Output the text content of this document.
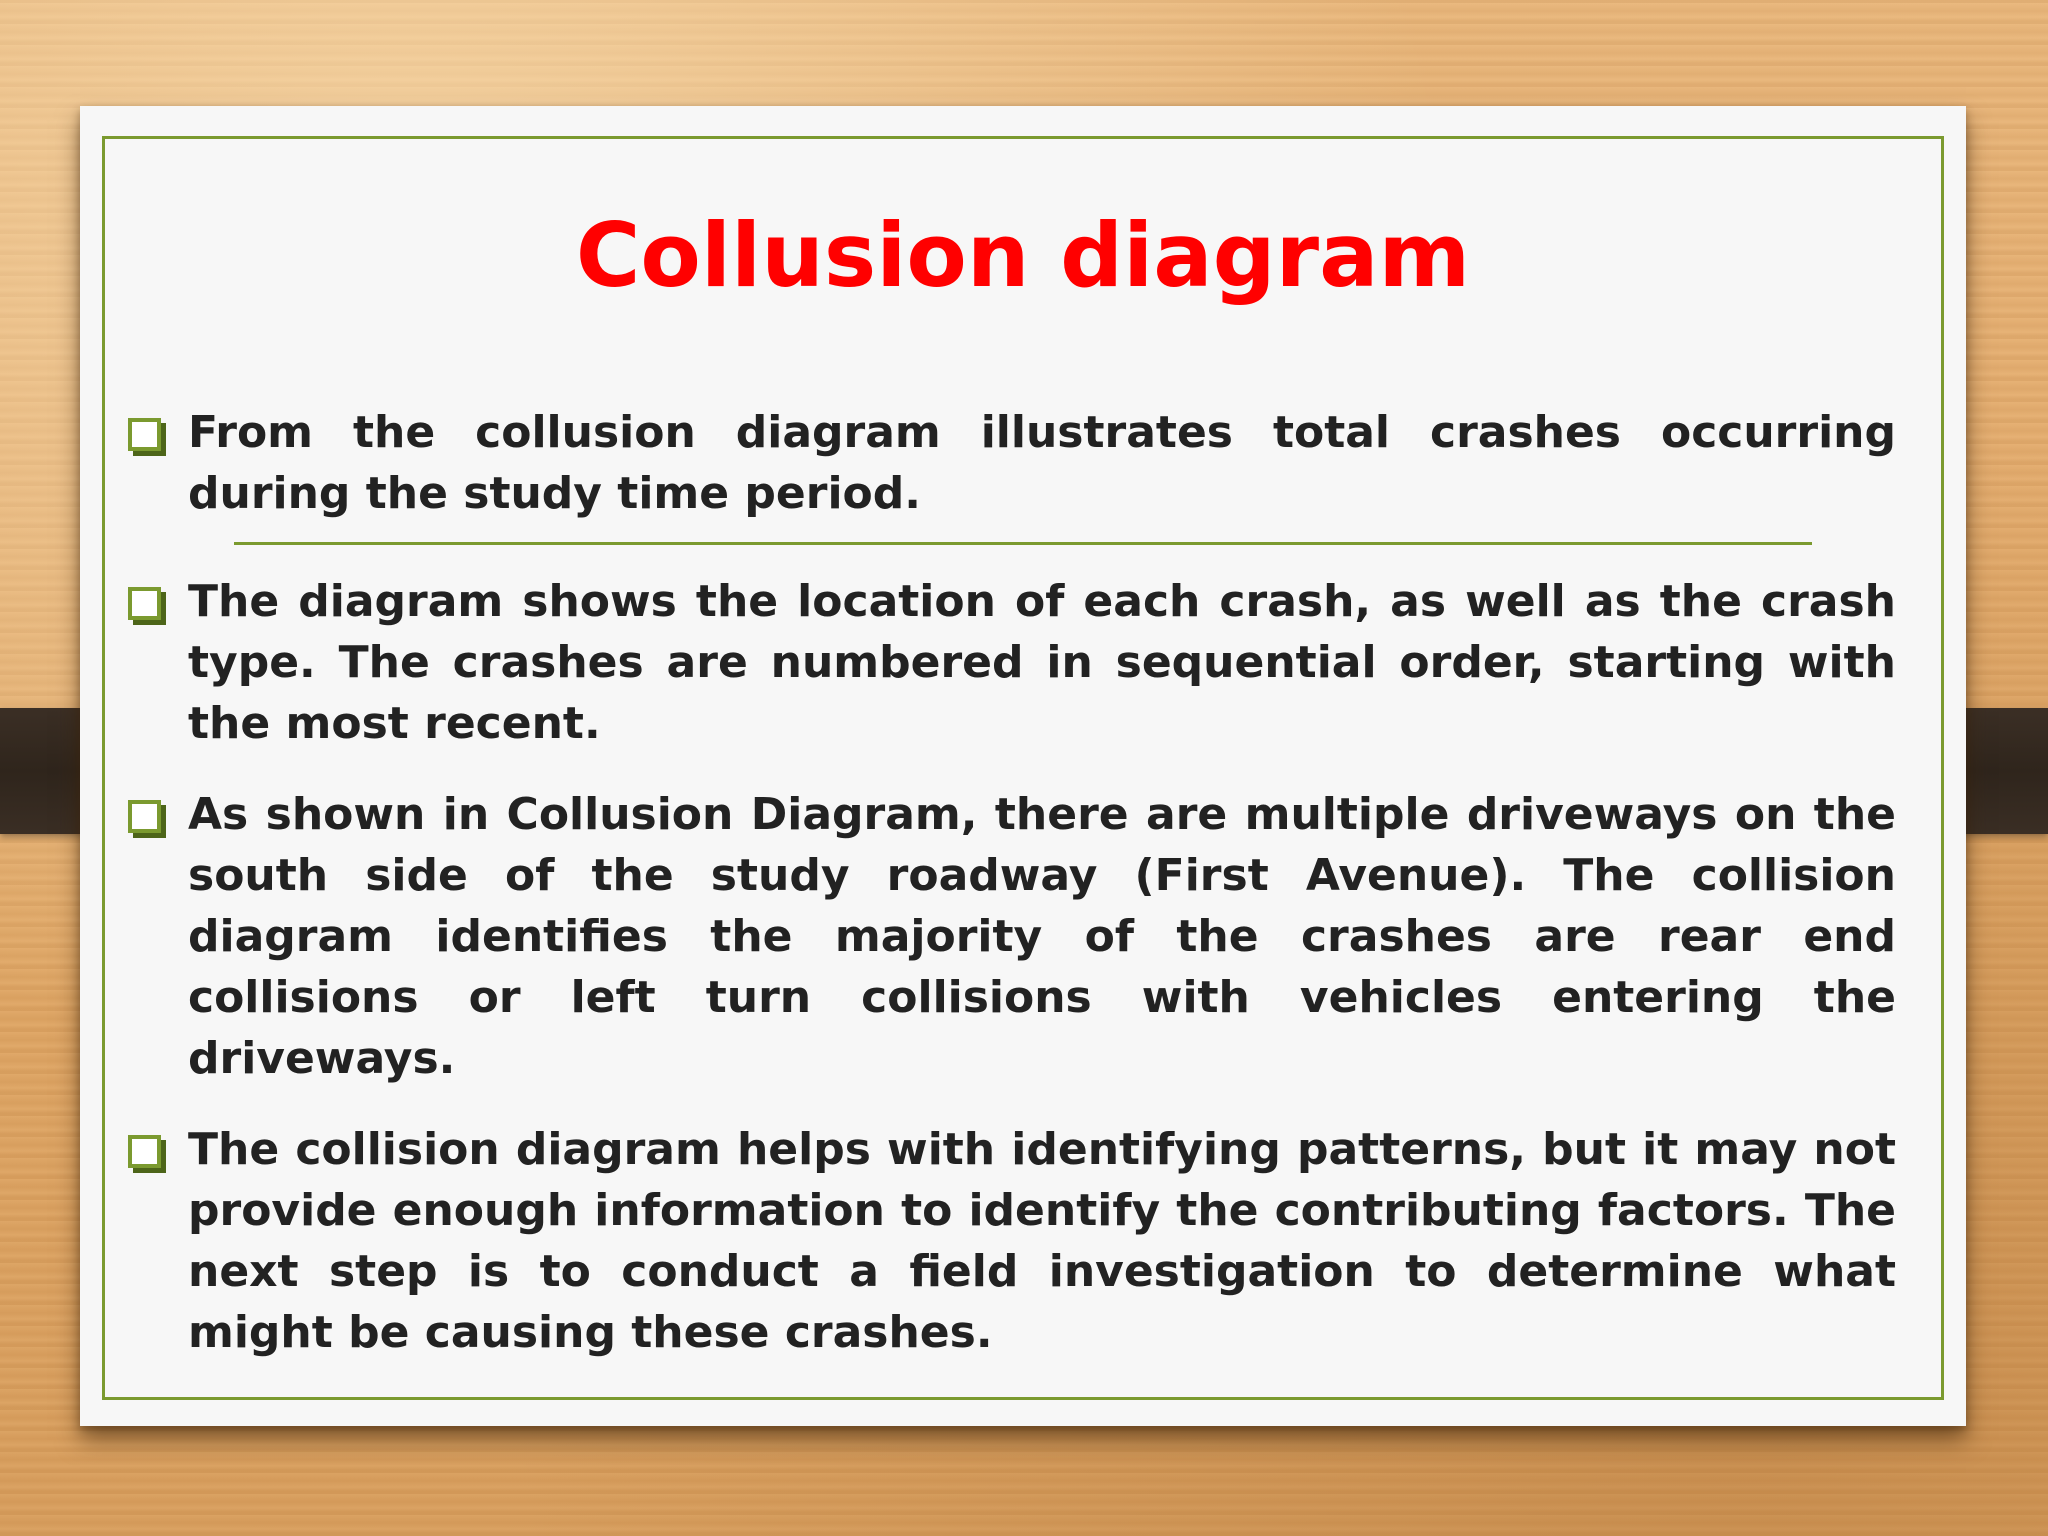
Collusion diagram
From the collusion diagram illustrates total crashes occurring during the study time period.
The diagram shows the location of each crash, as well as the crash type. The crashes are numbered in sequential order, starting with the most recent.
As shown in Collusion Diagram, there are multiple driveways on the south side of the study roadway (First Avenue). The collision diagram identifies the majority of the crashes are rear end collisions or left turn collisions with vehicles entering the driveways.
The collision diagram helps with identifying patterns, but it may not provide enough information to identify the contributing factors. The next step is to conduct a field investigation to determine what might be causing these crashes.
